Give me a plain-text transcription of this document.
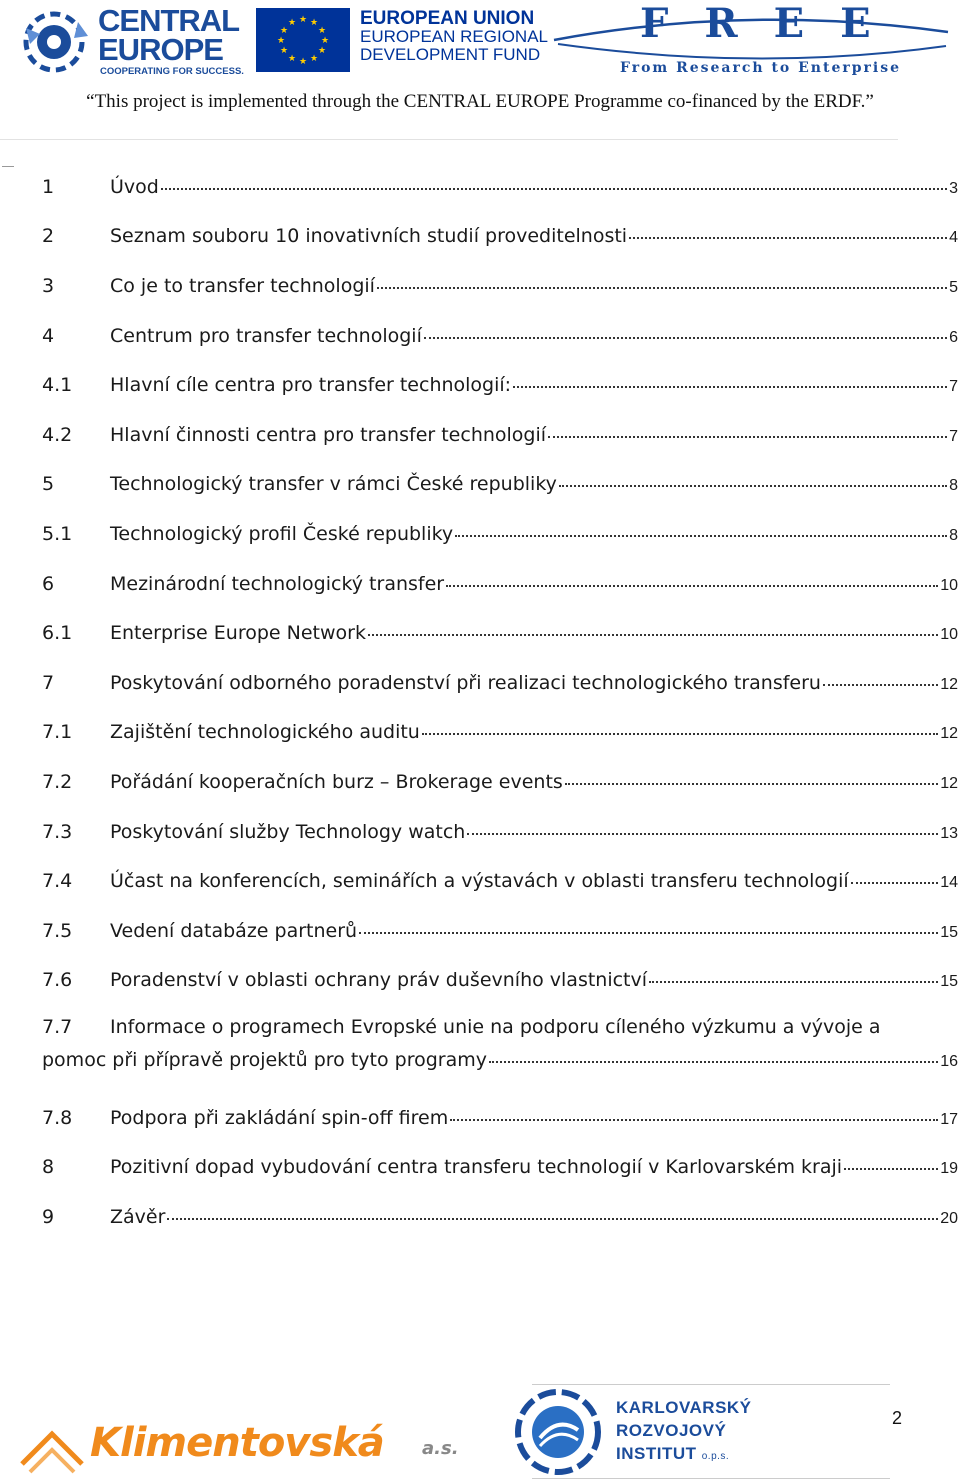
CENTRAL
EUROPE
COOPERATING FOR SUCCESS.
★ ★
★
★
★
★
★
★
★
★
★
★	EUROPEAN UNION
EUROPEAN REGIONAL
DEVELOPMENT FUND
FREE
From Research to Enterprise
“This project is implemented through the CENTRAL EUROPE Programme co-financed by the ERDF.”
1	Úvod	3
2	Seznam souboru 10 inovativních studií proveditelnosti	4
3	Co je to transfer technologií	5
4	Centrum pro transfer technologií	6
4.1	Hlavní cíle centra pro transfer technologií:	7
4.2	Hlavní činnosti centra pro transfer technologií	7
5	Technologický transfer v rámci České republiky	8
5.1	Technologický profil České republiky	8
6	Mezinárodní technologický transfer	10
6.1	Enterprise Europe Network	10
7	Poskytování odborného poradenství při realizaci technologického transferu	12
7.1	Zajištění technologického auditu	12
7.2	Pořádání kooperačních burz – Brokerage events	12
7.3	Poskytování služby Technology watch	13
7.4	Účast na konferencích, seminářích a výstavách v oblasti transferu technologií	14
7.5	Vedení databáze partnerů	15
7.6	Poradenství v oblasti ochrany práv duševního vlastnictví	15
7.7	Informace o programech Evropské unie na podporu cíleného výzkumu a vývoje a
pomoc při přípravě projektů pro tyto programy	16
7.8	Podpora při zakládání spin-off firem	17
8	Pozitivní dopad vybudování centra transferu technologií v Karlovarském kraji	19
9	Závěr	20
Klimentovská a.s.
KARLOVARSKÝ
ROZVOJOVÝ
INSTITUT o.p.s.
2
